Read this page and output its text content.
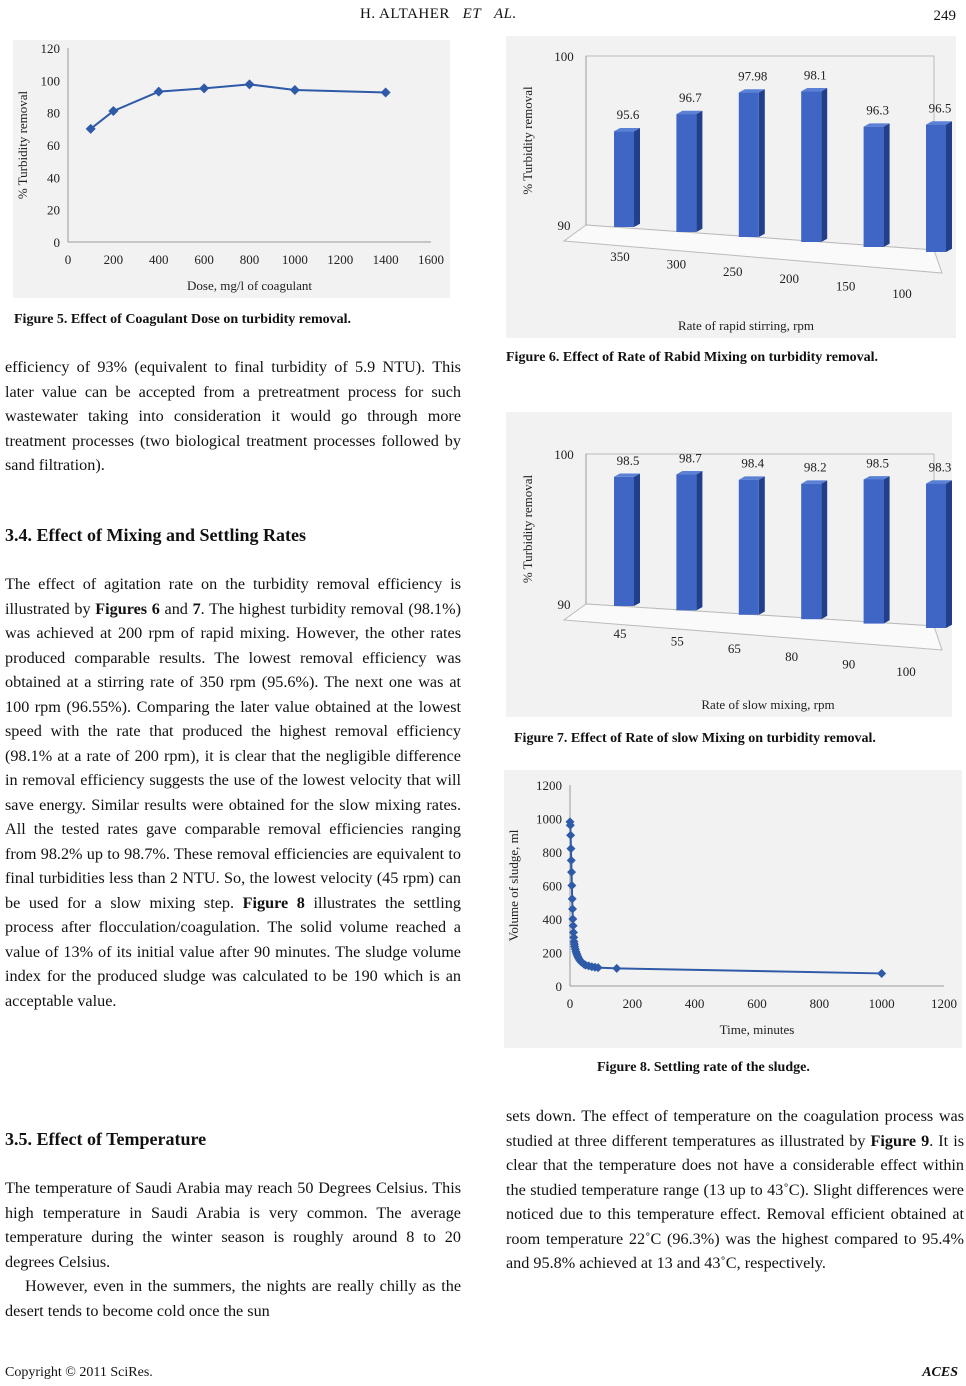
H. ALTAHER ET AL.	249
0
20
40
60
80
100
120
0 200 400 600 800 1000 1200 1400 1600
Dose, mg/l of coagulant
% Turbidity removal
Figure 5. Effect of Coagulant Dose on turbidity removal.
100
90
% Turbidity removal
Rate of rapid stirring, rpm
95.6
350
96.7
300
97.98
250
98.1
200
96.3
150
96.5
100
Figure 6. Effect of Rate of Rabid Mixing on turbidity removal.
100
90
% Turbidity removal
Rate of slow mixing, rpm
98.5
45
98.7
55
98.4
65
98.2
80
98.5
90
98.3
100
Figure 7. Effect of Rate of slow Mixing on turbidity removal.
0
200
400
600
800
1000
1200
0	200	400	600	800	1000	1200
Time, minutes
Volume of sludge, ml
Figure 8. Settling rate of the sludge.
efficiency of 93% (equivalent to final turbidity of 5.9 NTU). This later value can be accepted from a pretreatment process for such wastewater taking into consideration it would go through more treatment processes (two biological treatment processes followed by sand filtration).
3.4. Effect of Mixing and Settling Rates
The effect of agitation rate on the turbidity removal efficiency is illustrated by Figures 6 and 7. The highest turbidity removal (98.1%) was achieved at 200 rpm of rapid mixing. However, the other rates produced comparable results. The lowest removal efficiency was obtained at a stirring rate of 350 rpm (95.6%). The next one was at 100 rpm (96.55%). Comparing the later value obtained at the lowest speed with the rate that produced the highest removal efficiency (98.1% at a rate of 200 rpm), it is clear that the negligible difference in removal efficiency suggests the use of the lowest velocity that will save energy. Similar results were obtained for the slow mixing rates. All the tested rates gave comparable removal efficiencies ranging from 98.2% up to 98.7%. These removal efficiencies are equivalent to final turbidities less than 2 NTU. So, the lowest velocity (45 rpm) can be used for a slow mixing step. Figure 8 illustrates the settling process after flocculation/coagulation. The solid volume reached a value of 13% of its initial value after 90 minutes. The sludge volume index for the produced sludge was calculated to be 190 which is an acceptable value.
3.5. Effect of Temperature
The temperature of Saudi Arabia may reach 50 Degrees Celsius. This high temperature in Saudi Arabia is very common. The average temperature during the winter season is roughly around 8 to 20 degrees Celsius.
However, even in the summers, the nights are really chilly as the desert tends to become cold once the sun
sets down. The effect of temperature on the coagulation process was studied at three different temperatures as illustrated by Figure 9. It is clear that the temperature does not have a considerable effect within the studied temperature range (13 up to 43˚C). Slight differences were noticed due to this temperature effect. Removal efficient obtained at room temperature 22˚C (96.3%) was the highest compared to 95.4% and 95.8% achieved at 13 and 43˚C, respectively.
Copyright © 2011 SciRes.	ACES
